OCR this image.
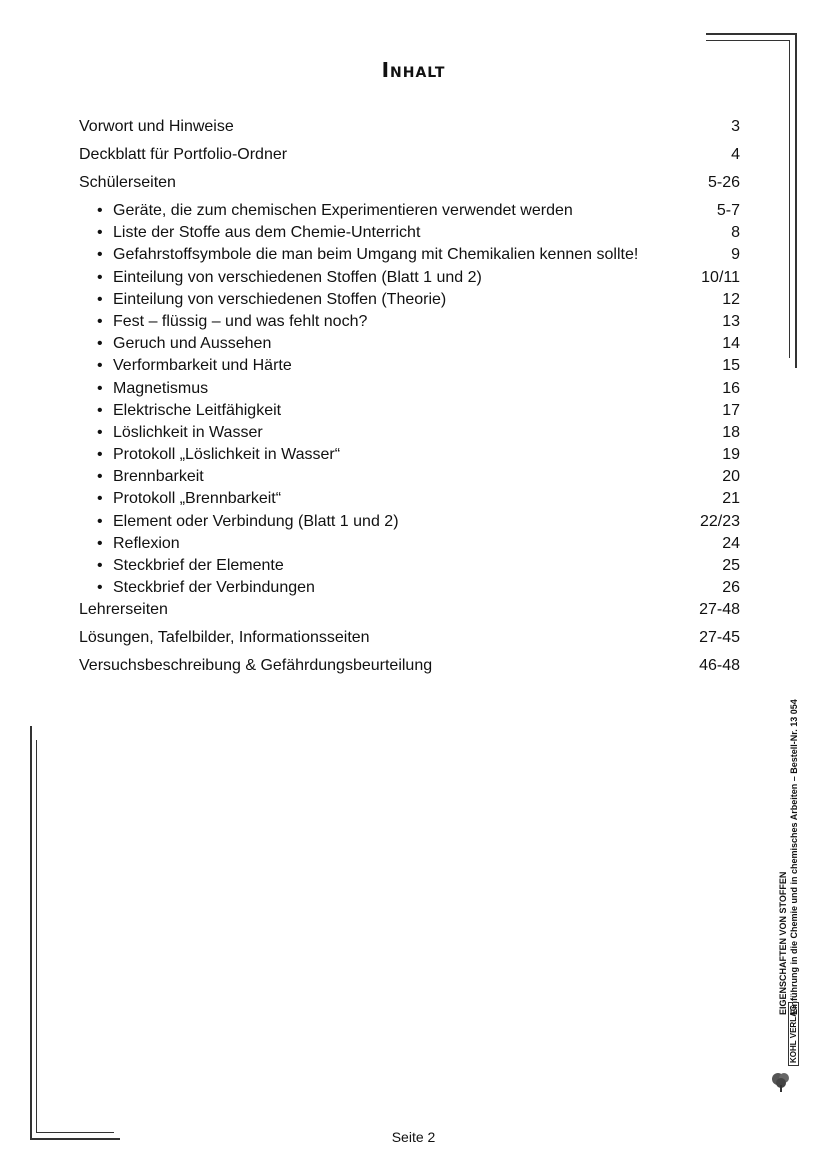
Inhalt
Vorwort und Hinweise	3
Deckblatt für Portfolio-Ordner	4
Schülerseiten	5-26
• Geräte, die zum chemischen Experimentieren verwendet werden	5-7
• Liste der Stoffe aus dem Chemie-Unterricht	8
• Gefahrstoffsymbole die man beim Umgang mit Chemikalien kennen sollte!	9
• Einteilung von verschiedenen Stoffen (Blatt 1 und 2)	10/11
• Einteilung von verschiedenen Stoffen (Theorie)	12
• Fest – flüssig – und was fehlt noch?	13
• Geruch und Aussehen	14
• Verformbarkeit und Härte	15
• Magnetismus	16
• Elektrische Leitfähigkeit	17
• Löslichkeit in Wasser	18
• Protokoll „Löslichkeit in Wasser“	19
• Brennbarkeit	20
• Protokoll „Brennbarkeit“	21
• Element oder Verbindung (Blatt 1 und 2)	22/23
• Reflexion	24
• Steckbrief der Elemente	25
• Steckbrief der Verbindungen	26
Lehrerseiten	27-48
Lösungen, Tafelbilder, Informationsseiten	27-45
Versuchsbeschreibung & Gefährdungsbeurteilung	46-48
EIGENSCHAFTEN VON STOFFEN Einführung in die Chemie und in chemisches Arbeiten – Bestell-Nr. 13 054
KOHL VERLAG
Seite 2
